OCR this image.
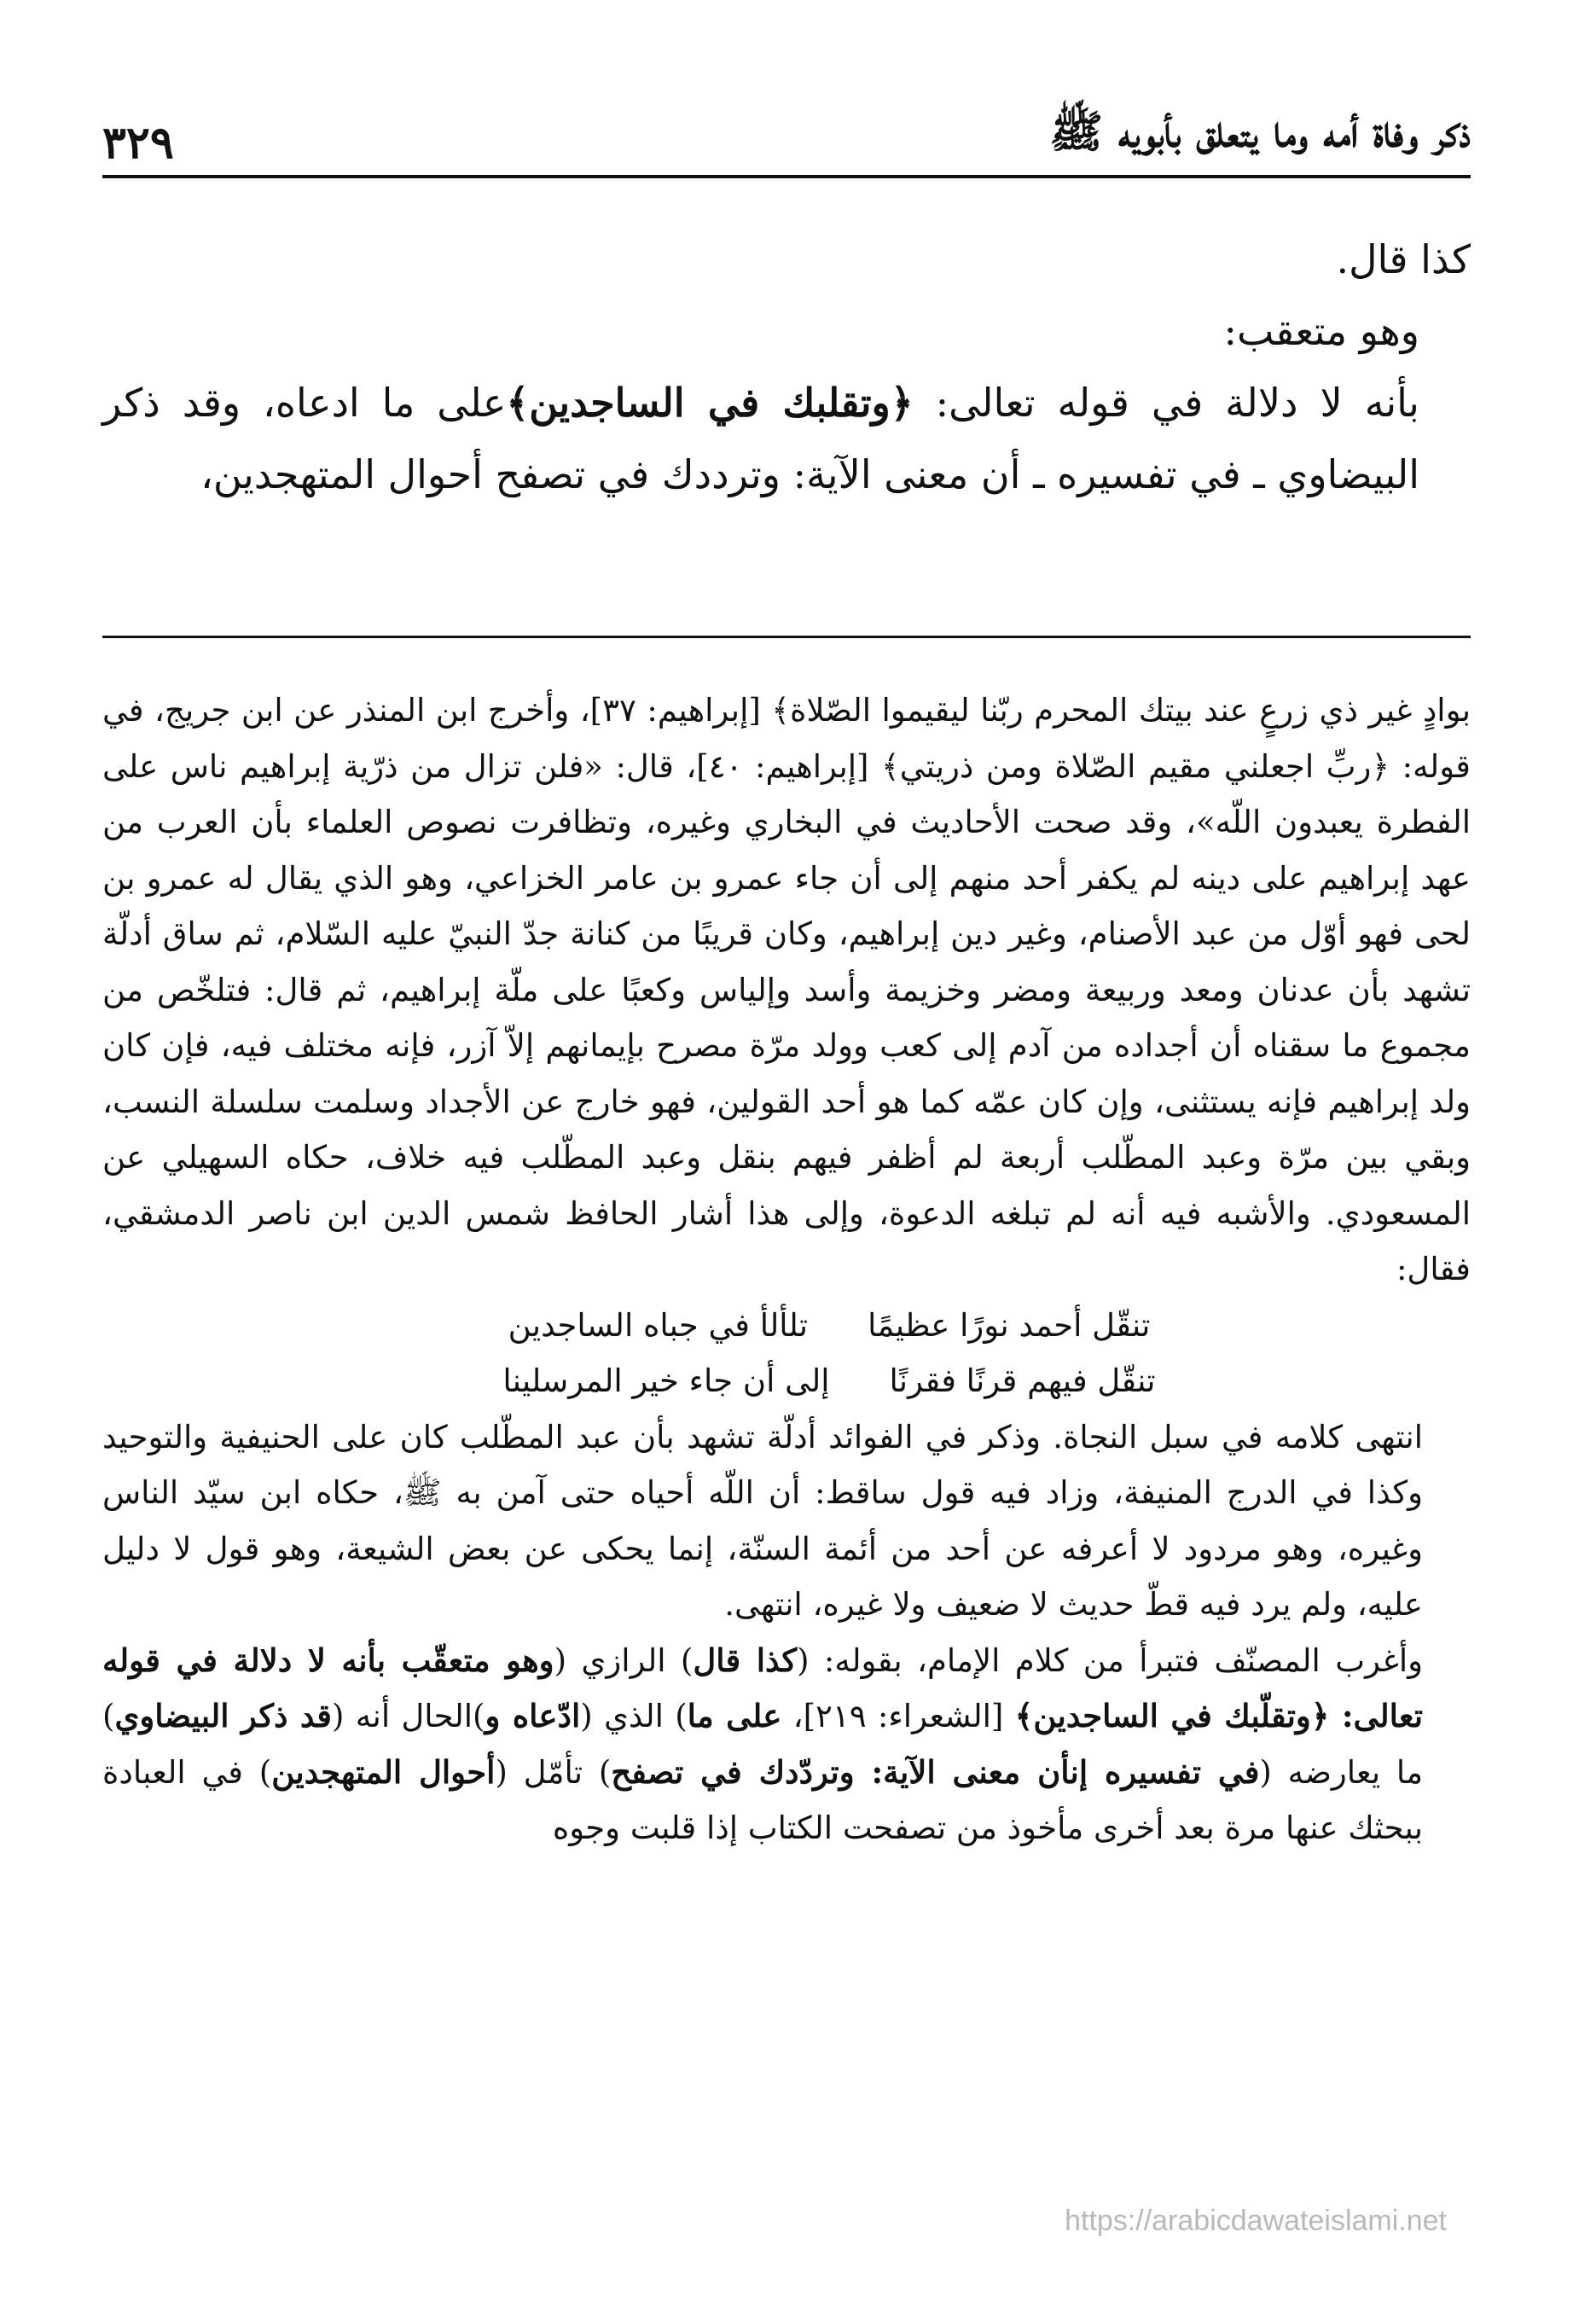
ذكر وفاة أمه وما يتعلق بأبويه ﷺ
٣٢٩

كذا قال.

وهو متعقب:

بأنه لا دلالة في قوله تعالى: ﴿وتقلبك في الساجدين﴾على ما ادعاه، وقد ذكر البيضاوي ـ في تفسيره ـ أن معنى الآية: وترددك في تصفح أحوال المتهجدين،

بوادٍ غير ذي زرعٍ عند بيتك المحرم ربّنا ليقيموا الصّلاة﴾ [إبراهيم: ٣٧]، وأخرج ابن المنذر عن ابن جريج، في قوله: ﴿ربِّ اجعلني مقيم الصّلاة ومن ذريتي﴾ [إبراهيم: ٤٠]، قال: «فلن تزال من ذرّية إبراهيم ناس على الفطرة يعبدون اللّه»، وقد صحت الأحاديث في البخاري وغيره، وتظافرت نصوص العلماء بأن العرب من عهد إبراهيم على دينه لم يكفر أحد منهم إلى أن جاء عمرو بن عامر الخزاعي، وهو الذي يقال له عمرو بن لحى فهو أوّل من عبد الأصنام، وغير دين إبراهيم، وكان قريبًا من كنانة جدّ النبيّ عليه السّلام، ثم ساق أدلّة تشهد بأن عدنان ومعد وربيعة ومضر وخزيمة وأسد وإلياس وكعبًا على ملّة إبراهيم، ثم قال: فتلخّص من مجموع ما سقناه أن أجداده من آدم إلى كعب وولد مرّة مصرح بإيمانهم إلاّ آزر، فإنه مختلف فيه، فإن كان ولد إبراهيم فإنه يستثنى، وإن كان عمّه كما هو أحد القولين، فهو خارج عن الأجداد وسلمت سلسلة النسب، وبقي بين مرّة وعبد المطّلب أربعة لم أظفر فيهم بنقل وعبد المطّلب فيه خلاف، حكاه السهيلي عن المسعودي. والأشبه فيه أنه لم تبلغه الدعوة، وإلى هذا أشار الحافظ شمس الدين ابن ناصر الدمشقي، فقال:

تنقّل أحمد نورًا عظيمًا
تلألأ في جباه الساجدين
تنقّل فيهم قرنًا فقرنًا
إلى أن جاء خير المرسلينا

انتهى كلامه في سبل النجاة. وذكر في الفوائد أدلّة تشهد بأن عبد المطّلب كان على الحنيفية والتوحيد وكذا في الدرج المنيفة، وزاد فيه قول ساقط: أن اللّه أحياه حتى آمن به ﷺ، حكاه ابن سيّد الناس وغيره، وهو مردود لا أعرفه عن أحد من أئمة السنّة، إنما يحكى عن بعض الشيعة، وهو قول لا دليل عليه، ولم يرد فيه قطّ حديث لا ضعيف ولا غيره، انتهى.

وأغرب المصنّف فتبرأ من كلام الإمام، بقوله: (كذا قال) الرازي (وهو متعقّب بأنه لا دلالة في قوله تعالى: ﴿وتقلّبك في الساجدين﴾ [الشعراء: ٢١٩]، على ما) الذي (ادّعاه و)الحال أنه (قد ذكر البيضاوي) ما يعارضه (في تفسيره إنأن معنى الآية: وتردّدك في تصفح) تأمّل (أحوال المتهجدين) في العبادة ببحثك عنها مرة بعد أخرى مأخوذ من تصفحت الكتاب إذا قلبت وجوه

https://arabicdawateislami.net
